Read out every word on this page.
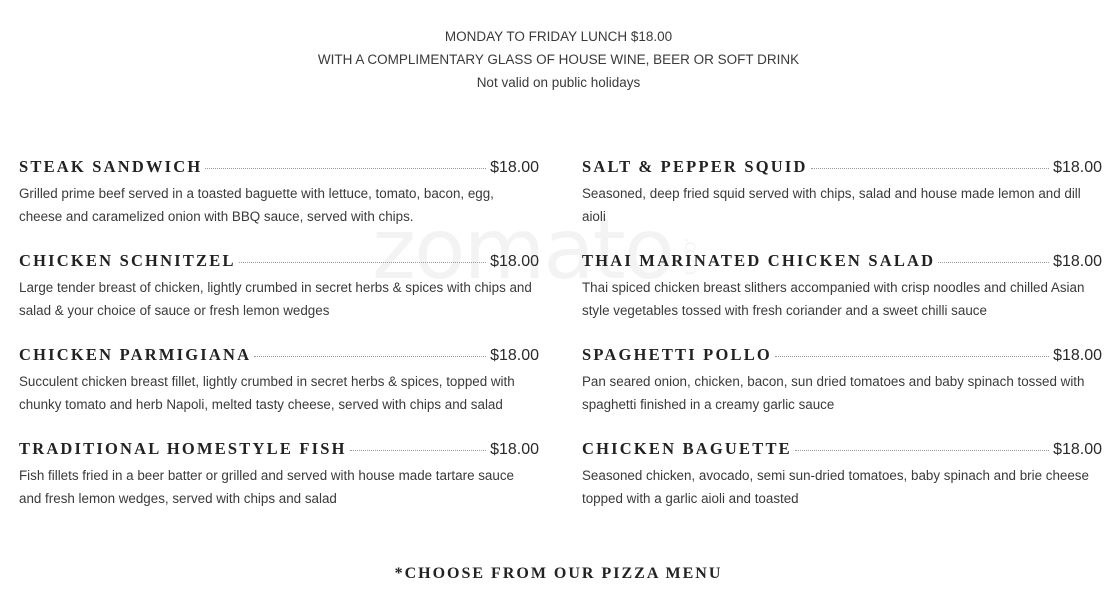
MONDAY TO FRIDAY LUNCH $18.00
WITH A COMPLIMENTARY GLASS OF HOUSE WINE, BEER OR SOFT DRINK
Not valid on public holidays
STEAK SANDWICH	$18.00
Grilled prime beef served in a toasted baguette with lettuce, tomato, bacon, egg,
cheese and caramelized onion with BBQ sauce, served with chips.
CHICKEN SCHNITZEL	$18.00
Large tender breast of chicken, lightly crumbed in secret herbs & spices with chips and
salad & your choice of sauce or fresh lemon wedges
CHICKEN PARMIGIANA	$18.00
Succulent chicken breast fillet, lightly crumbed in secret herbs & spices, topped with
chunky tomato and herb Napoli, melted tasty cheese, served with chips and salad
TRADITIONAL HOMESTYLE FISH	$18.00
Fish fillets fried in a beer batter or grilled and served with house made tartare sauce
and fresh lemon wedges, served with chips and salad
SALT & PEPPER SQUID	$18.00
Seasoned, deep fried squid served with chips, salad and house made lemon and dill
aioli
THAI MARINATED CHICKEN SALAD	$18.00
Thai spiced chicken breast slithers accompanied with crisp noodles and chilled Asian
style vegetables tossed with fresh coriander and a sweet chilli sauce
SPAGHETTI POLLO	$18.00
Pan seared onion, chicken, bacon, sun dried tomatoes and baby spinach tossed with
spaghetti finished in a creamy garlic sauce
CHICKEN BAGUETTE	$18.00
Seasoned chicken, avocado, semi sun-dried tomatoes, baby spinach and brie cheese
topped with a garlic aioli and toasted
*CHOOSE FROM OUR PIZZA MENU
